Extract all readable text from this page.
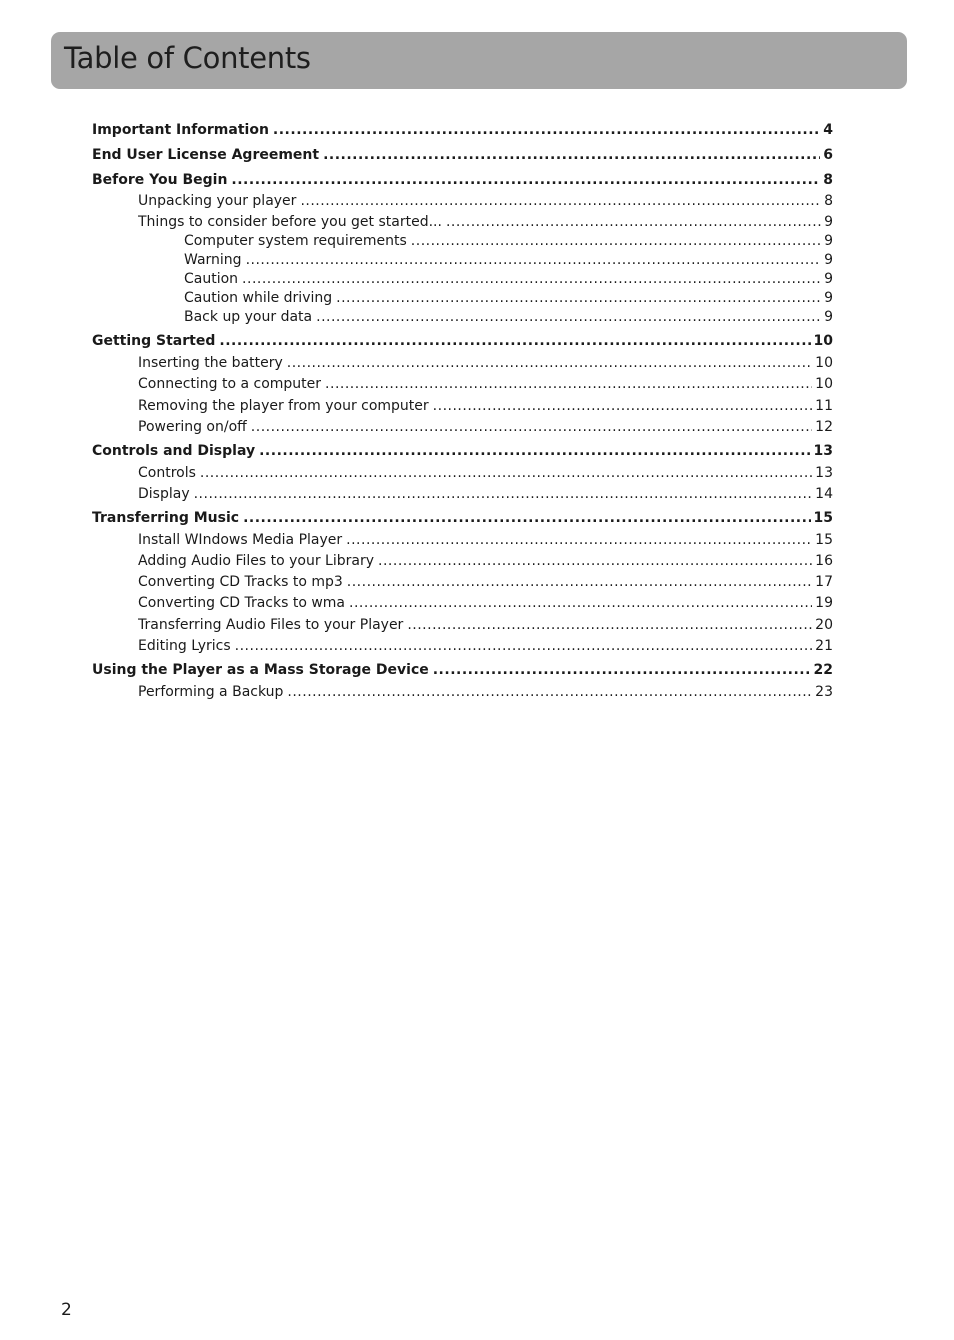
Table of Contents
Important Information .....	4
End User License Agreement .....	6
Before You Begin .....	8
Unpacking your player .....	8
Things to consider before you get started... .....	9
Computer system requirements .....	9
Warning .....	9
Caution .....	9
Caution while driving .....	9
Back up your data .....	9
Getting Started .....	10
Inserting the battery .....	10
Connecting to a computer .....	10
Removing the player from your computer .....	11
Powering on/off .....	12
Controls and Display .....	13
Controls .....	13
Display .....	14
Transferring Music .....	15
Install WIndows Media Player .....	15
Adding Audio Files to your Library .....	16
Converting CD Tracks to mp3 .....	17
Converting CD Tracks to wma .....	19
Transferring Audio Files to your Player .....	20
Editing Lyrics .....	21
Using the Player as a Mass Storage Device .....	22
Performing a Backup .....	23
2
